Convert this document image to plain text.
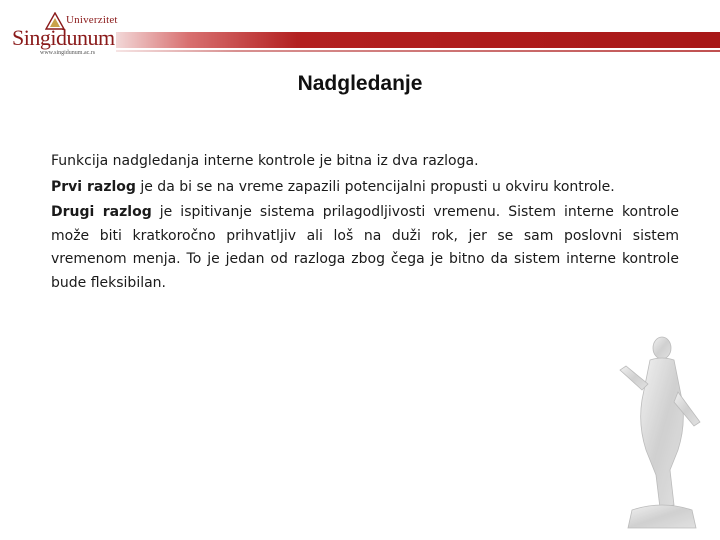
Univerzitet
Singidunum
www.singidunum.ac.rs
Nadgledanje

Funkcija nadgledanja interne kontrole je bitna iz dva razloga.

Prvi razlog je da bi se na vreme zapazili potencijalni propusti u okviru kontrole.

Drugi razlog je ispitivanje sistema prilagodljivosti vremenu. Sistem interne kontrole može biti kratkoročno prihvatljiv ali loš na duži rok, jer se sam poslovni sistem vremenom menja. To je jedan od razloga zbog čega je bitno da sistem interne kontrole bude fleksibilan.
